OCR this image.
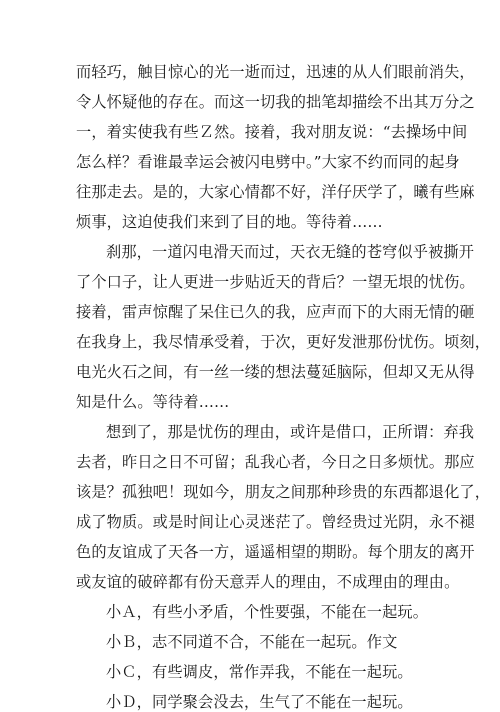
而轻巧，触目惊心的光一逝而过，迅速的从人们眼前消失，
令人怀疑他的存在。而这一切我的拙笔却描绘不出其万分之
一，着实使我有些Ｚ然。接着，我对朋友说：“去操场中间
怎么样？看谁最幸运会被闪电劈中。”大家不约而同的起身
往那走去。是的，大家心情都不好，洋仔厌学了，曦有些麻
烦事，这迫使我们来到了目的地。等待着……
刹那，一道闪电滑天而过，天衣无缝的苍穹似乎被撕开
了个口子，让人更进一步贴近天的背后？一望无垠的忧伤。
接着，雷声惊醒了呆住已久的我，应声而下的大雨无情的砸
在我身上，我尽情承受着，于次，更好发泄那份忧伤。顷刻，
电光火石之间，有一丝一缕的想法蔓延脑际，但却又无从得
知是什么。等待着……
想到了，那是忧伤的理由，或许是借口，正所谓：弃我
去者，昨日之日不可留；乱我心者，今日之日多烦忧。那应
该是？孤独吧！现如今，朋友之间那种珍贵的东西都退化了，
成了物质。或是时间让心灵迷茫了。曾经贵过光阴，永不褪
色的友谊成了天各一方，遥遥相望的期盼。每个朋友的离开
或友谊的破碎都有份天意弄人的理由，不成理由的理由。
小Ａ，有些小矛盾，个性要强，不能在一起玩。
小Ｂ，志不同道不合，不能在一起玩。作文
小Ｃ，有些调皮，常作弄我，不能在一起玩。
小Ｄ，同学聚会没去，生气了不能在一起玩。
